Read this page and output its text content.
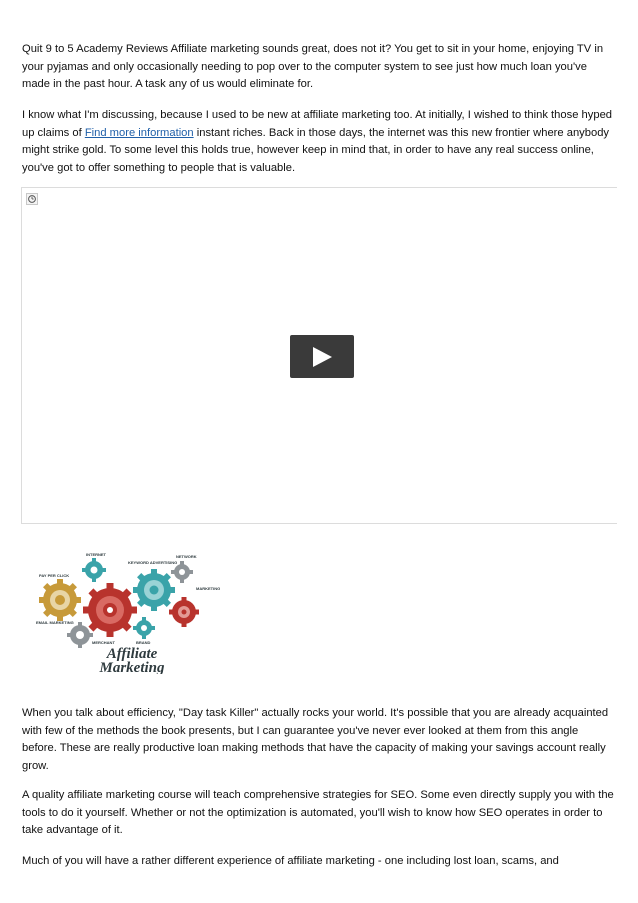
Quit 9 to 5 Academy Reviews Affiliate marketing sounds great, does not it? You get to sit in your home, enjoying TV in your pyjamas and only occasionally needing to pop over to the computer system to see just how much loan you've made in the past hour. A task any of us would eliminate for.

I know what I'm discussing, because I used to be new at affiliate marketing too. At initially, I wished to think those hyped up claims of Find more information instant riches. Back in those days, the internet was this new frontier where anybody might strike gold. To some level this holds true, however keep in mind that, in order to have any real success online, you've got to offer something to people that is valuable.

PAY PER CLICK
INTERNET
KEYWORD ADVERTISING
NETWORK
MARKETING
EMAIL MARKETING
MERCHANT	BRAND
Affiliate
Marketing

When you talk about efficiency, "Day task Killer" actually rocks your world. It's possible that you are already acquainted with few of the methods the book presents, but I can guarantee you've never ever looked at them from this angle before. These are really productive loan making methods that have the capacity of making your savings account really grow.

A quality affiliate marketing course will teach comprehensive strategies for SEO. Some even directly supply you with the tools to do it yourself. Whether or not the optimization is automated, you'll wish to know how SEO operates in order to take advantage of it.

Much of you will have a rather different experience of affiliate marketing - one including lost loan, scams, and
